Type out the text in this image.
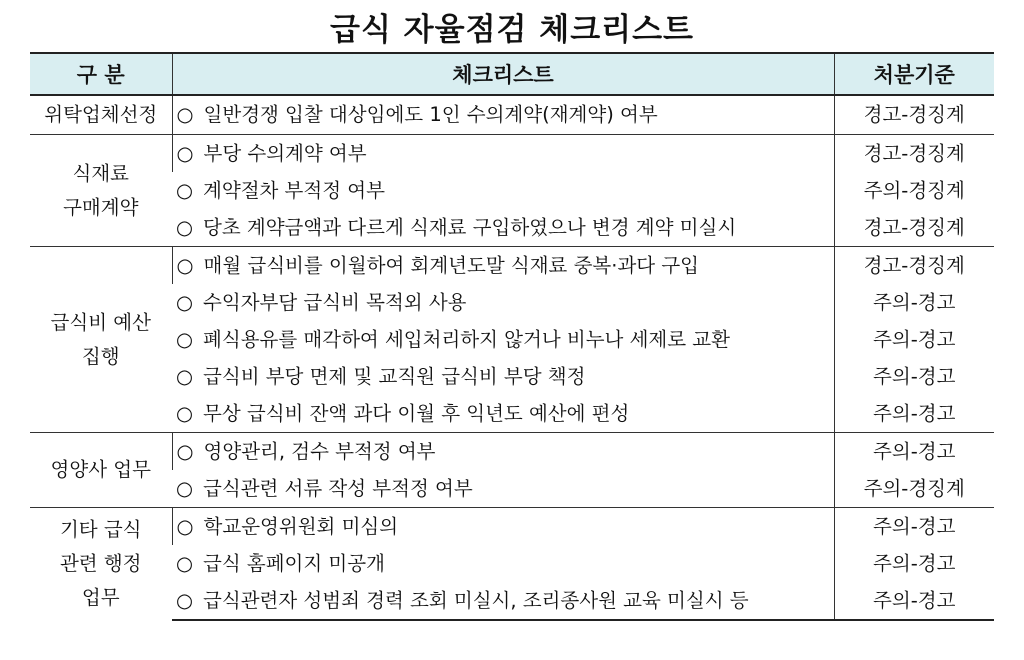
급식 자율점검 체크리스트
구 분	체크리스트	처분기준

위탁업체선정	○ 일반경쟁 입찰 대상임에도 1인 수의계약(재계약) 여부	경고-경징계

식재료
구매계약	○ 부당 수의계약 여부	경고-경징계
	○ 계약절차 부적정 여부	주의-경징계
	○ 당초 계약금액과 다르게 식재료 구입하였으나 변경 계약 미실시	경고-경징계

급식비 예산
집행	○ 매월 급식비를 이월하여 회계년도말 식재료 중복·과다 구입	경고-경징계
	○ 수익자부담 급식비 목적외 사용	주의-경고
	○ 폐식용유를 매각하여 세입처리하지 않거나 비누나 세제로 교환	주의-경고
	○ 급식비 부당 면제 및 교직원 급식비 부당 책정	주의-경고
	○ 무상 급식비 잔액 과다 이월 후 익년도 예산에 편성	주의-경고

영양사 업무	○ 영양관리, 검수 부적정 여부	주의-경고
	○ 급식관련 서류 작성 부적정 여부	주의-경징계

기타 급식
관련 행정
업무	○ 학교운영위원회 미심의	주의-경고
	○ 급식 홈페이지 미공개	주의-경고
	○ 급식관련자 성범죄 경력 조회 미실시, 조리종사원 교육 미실시 등	주의-경고
